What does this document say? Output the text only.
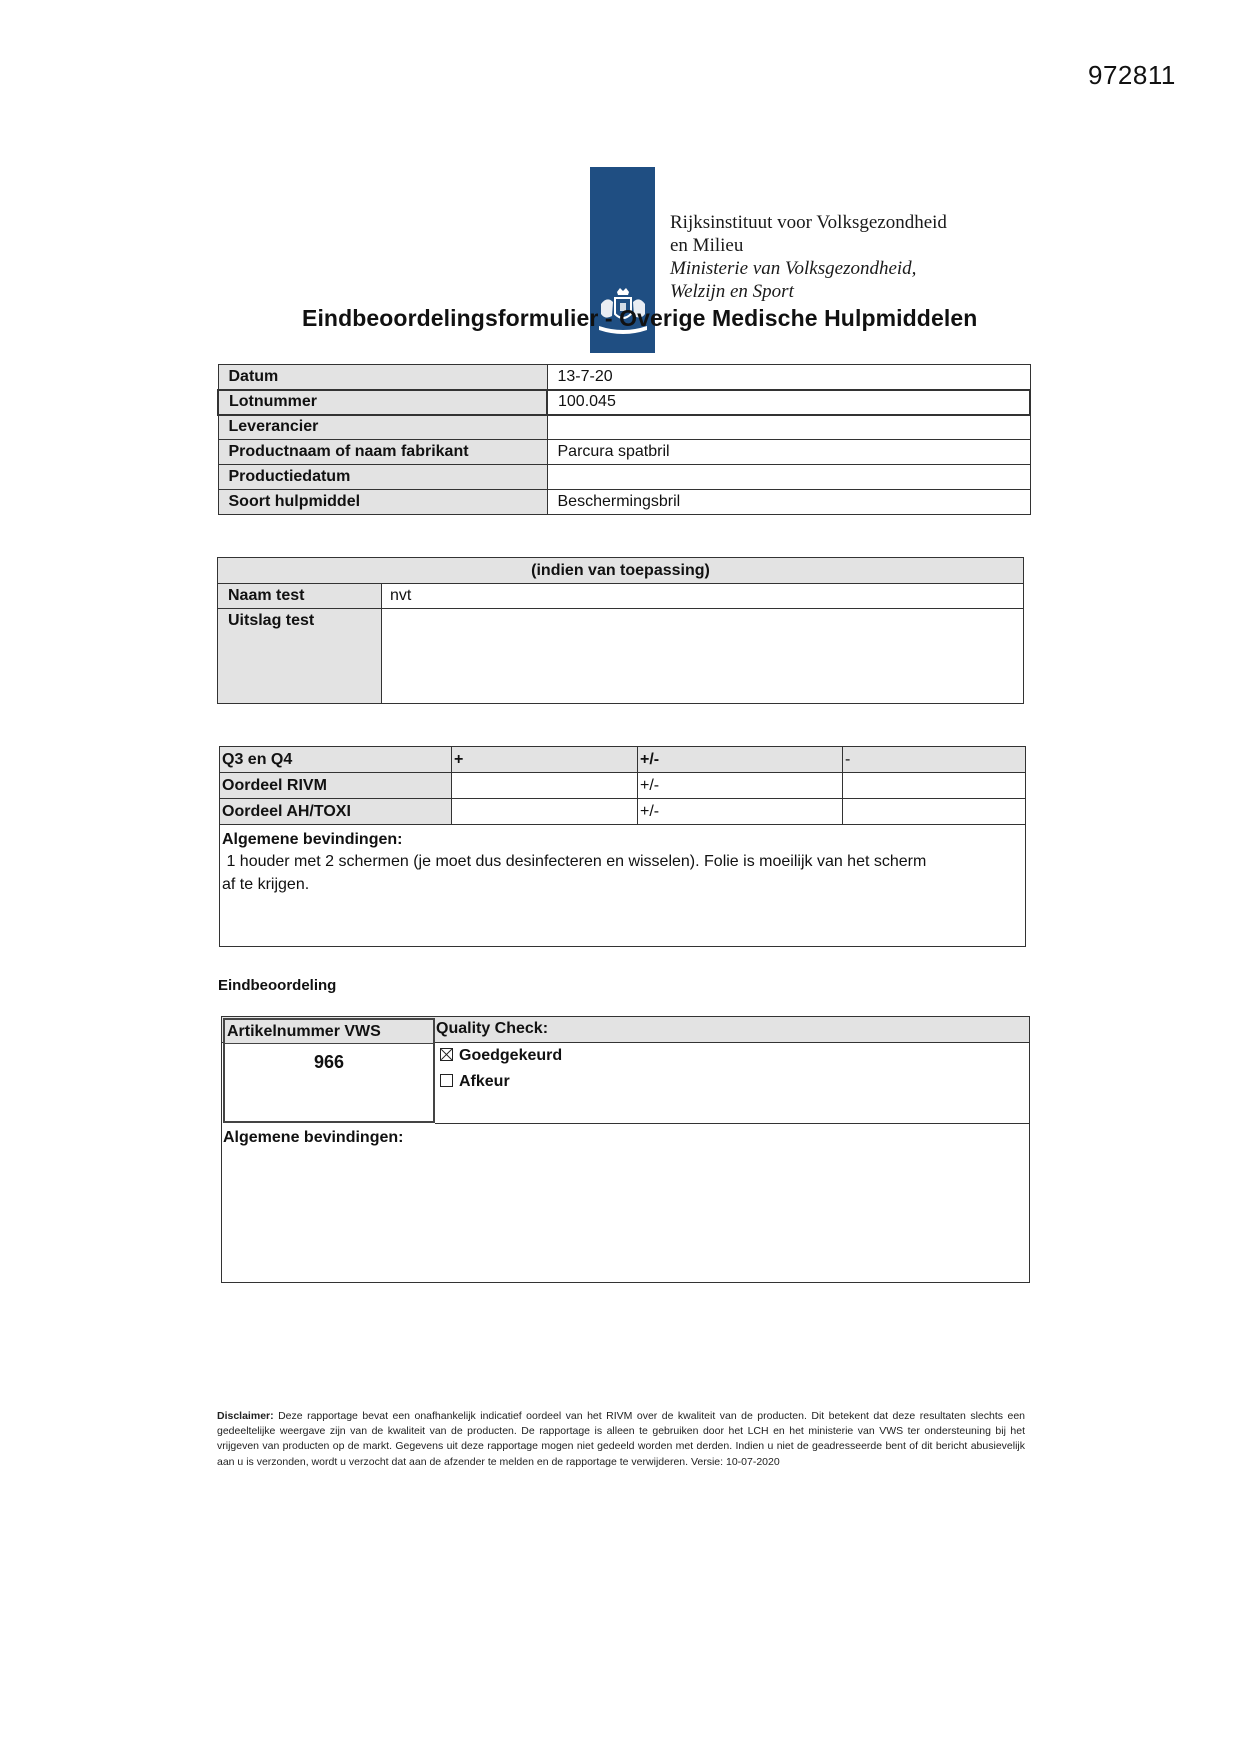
972811
Rijksinstituut voor Volksgezondheid
en Milieu
Ministerie van Volksgezondheid,
Welzijn en Sport
Eindbeoordelingsformulier - Overige Medische Hulpmiddelen
Datum	13-7-20
Lotnummer	100.045
Leverancier	
Productnaam of naam fabrikant	Parcura spatbril
Productiedatum	
Soort hulpmiddel	Beschermingsbril
(indien van toepassing)	
Naam test	nvt
Uitslag test	
Q3 en Q4	+	+/-	-
Oordeel RIVM		+/-	
Oordeel AH/TOXI		+/-	

Algemene bevindingen:
1 houder met 2 schermen (je moet dus desinfecteren en wisselen). Folie is moeilijk van het scherm
af te krijgen.			
Eindbeoordeling
Artikelnummer VWS
966
Quality Check:
Goedgekeurd
Afkeur
Algemene bevindingen:
Disclaimer: Deze rapportage bevat een onafhankelijk indicatief oordeel van het RIVM over de kwaliteit van de producten. Dit betekent dat deze resultaten slechts een gedeeltelijke weergave zijn van de kwaliteit van de producten. De rapportage is alleen te gebruiken door het LCH en het ministerie van VWS ter ondersteuning bij het vrijgeven van producten op de markt. Gegevens uit deze rapportage mogen niet gedeeld worden met derden. Indien u niet de geadresseerde bent of dit bericht abusievelijk aan u is verzonden, wordt u verzocht dat aan de afzender te melden en de rapportage te verwijderen. Versie: 10-07-2020
